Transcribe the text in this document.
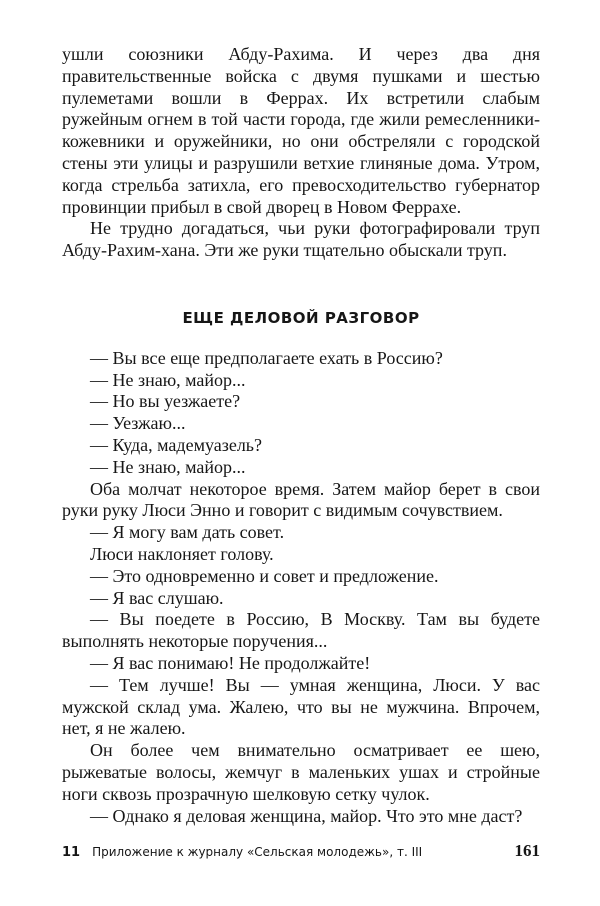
ушли союзники Абду-Рахима. И через два дня правительственные войска с двумя пушками и шестью пулеметами вошли в Феррах. Их встретили слабым ружейным огнем в той части города, где жили ремесленники-кожевники и оружейники, но они обстреляли с городской стены эти улицы и разрушили ветхие глиняные дома. Утром, когда стрельба затихла, его превосходительство губернатор провинции прибыл в свой дворец в Новом Феррахе.

Не трудно догадаться, чьи руки фотографировали труп Абду-Рахим-хана. Эти же руки тщательно обыскали труп.

ЕЩЕ ДЕЛОВОЙ РАЗГОВОР

— Вы все еще предполагаете ехать в Россию?

— Не знаю, майор...

— Но вы уезжаете?

— Уезжаю...

— Куда, мадемуазель?

— Не знаю, майор...

Оба молчат некоторое время. Затем майор берет в свои руки руку Люси Энно и говорит с видимым сочувствием.

— Я могу вам дать совет.

Люси наклоняет голову.

— Это одновременно и совет и предложение.

— Я вас слушаю.

— Вы поедете в Россию, В Москву. Там вы будете выполнять некоторые поручения...

— Я вас понимаю! Не продолжайте!

— Тем лучше! Вы — умная женщина, Люси. У вас мужской склад ума. Жалею, что вы не мужчина. Впрочем, нет, я не жалею.

Он более чем внимательно осматривает ее шею, рыжеватые волосы, жемчуг в маленьких ушах и стройные ноги сквозь прозрачную шелковую сетку чулок.

— Однако я деловая женщина, майор. Что это мне даст?

11 Приложение к журналу «Сельская молодежь», т. III	161
